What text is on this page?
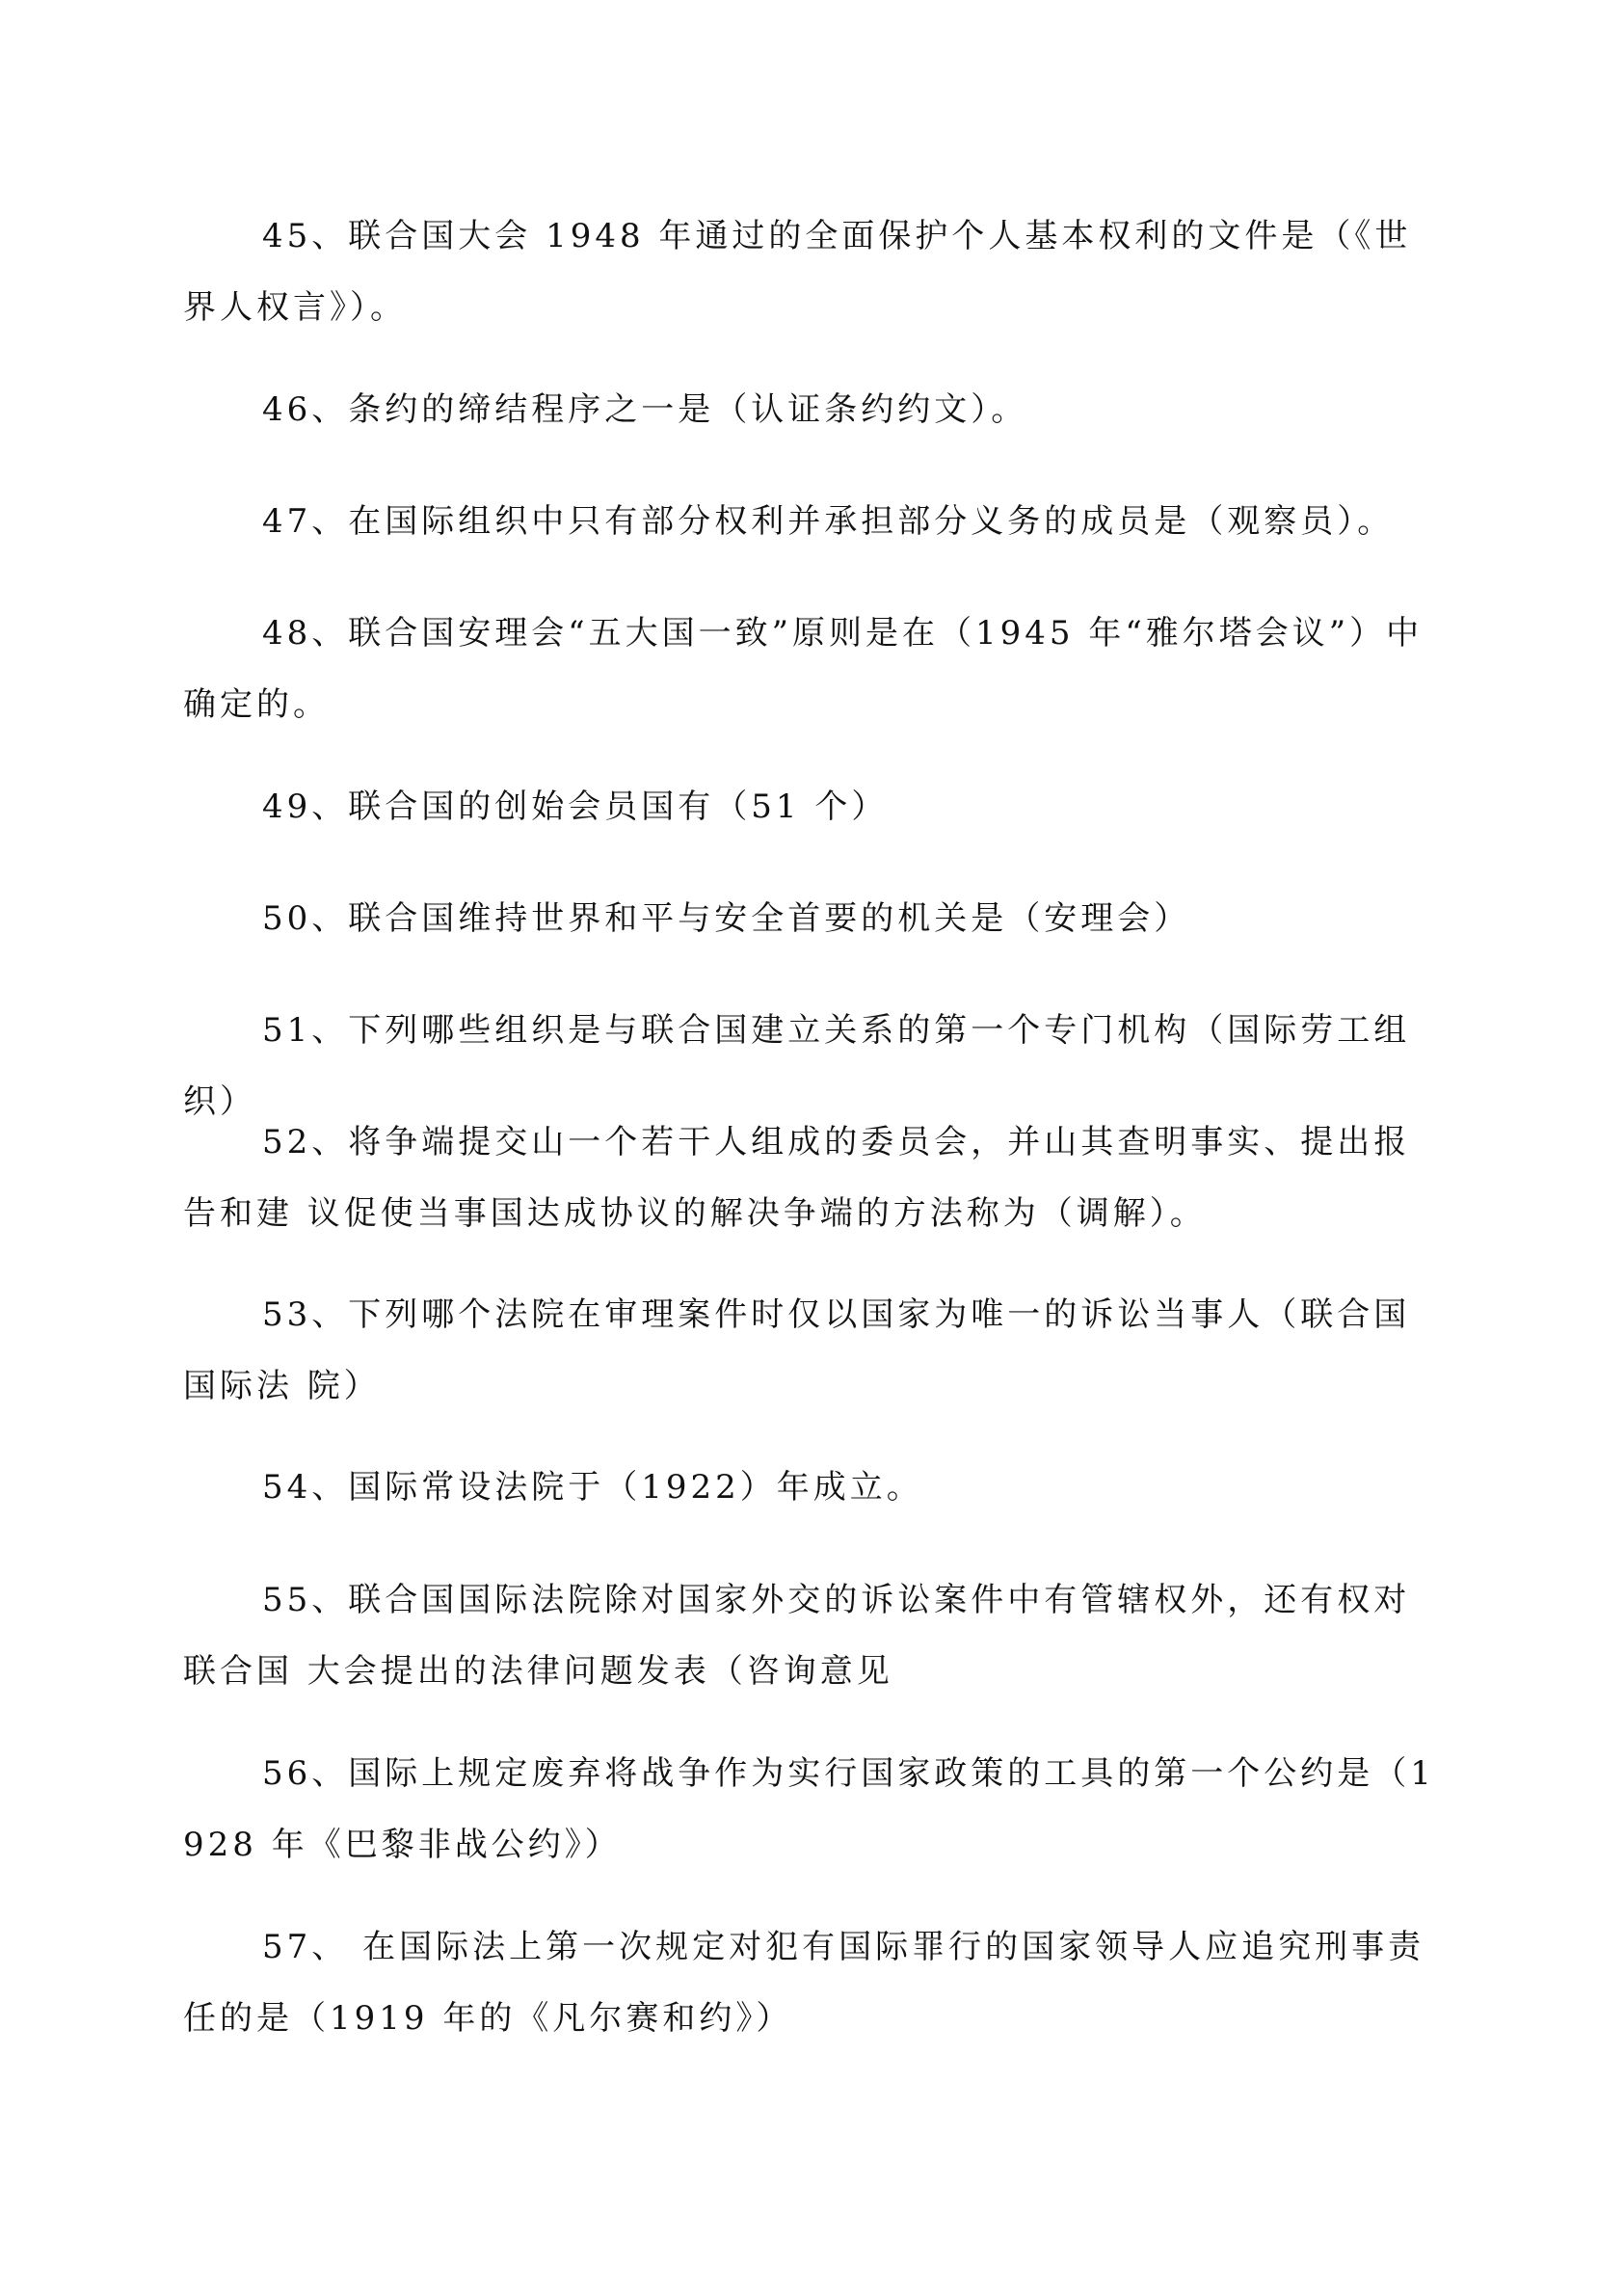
45、联合国大会 1948 年通过的全面保护个人基本权利的文件是（《世界人权言》）。

46、条约的缔结程序之一是（认证条约约文）。

47、在国际组织中只有部分权利并承担部分义务的成员是（观察员）。

48、联合国安理会“五大国一致”原则是在（1945 年“雅尔塔会议”）中确定的。

49、联合国的创始会员国有（51 个）

50、联合国维持世界和平与安全首要的机关是（安理会）

51、下列哪些组织是与联合国建立关系的第一个专门机构（国际劳工组织）

52、将争端提交山一个若干人组成的委员会，并山其查明事实、提出报告和建 议促使当事国达成协议的解决争端的方法称为（调解）。

53、下列哪个法院在审理案件时仅以国家为唯一的诉讼当事人（联合国国际法 院）

54、国际常设法院于（1922）年成立。

55、联合国国际法院除对国家外交的诉讼案件中有管辖权外，还有权对联合国 大会提出的法律问题发表（咨询意见

56、国际上规定废弃将战争作为实行国家政策的工具的第一个公约是（1928 年《巴黎非战公约》）

57、 在国际法上第一次规定对犯有国际罪行的国家领导人应追究刑事责任的是（1919 年的《凡尔赛和约》）
